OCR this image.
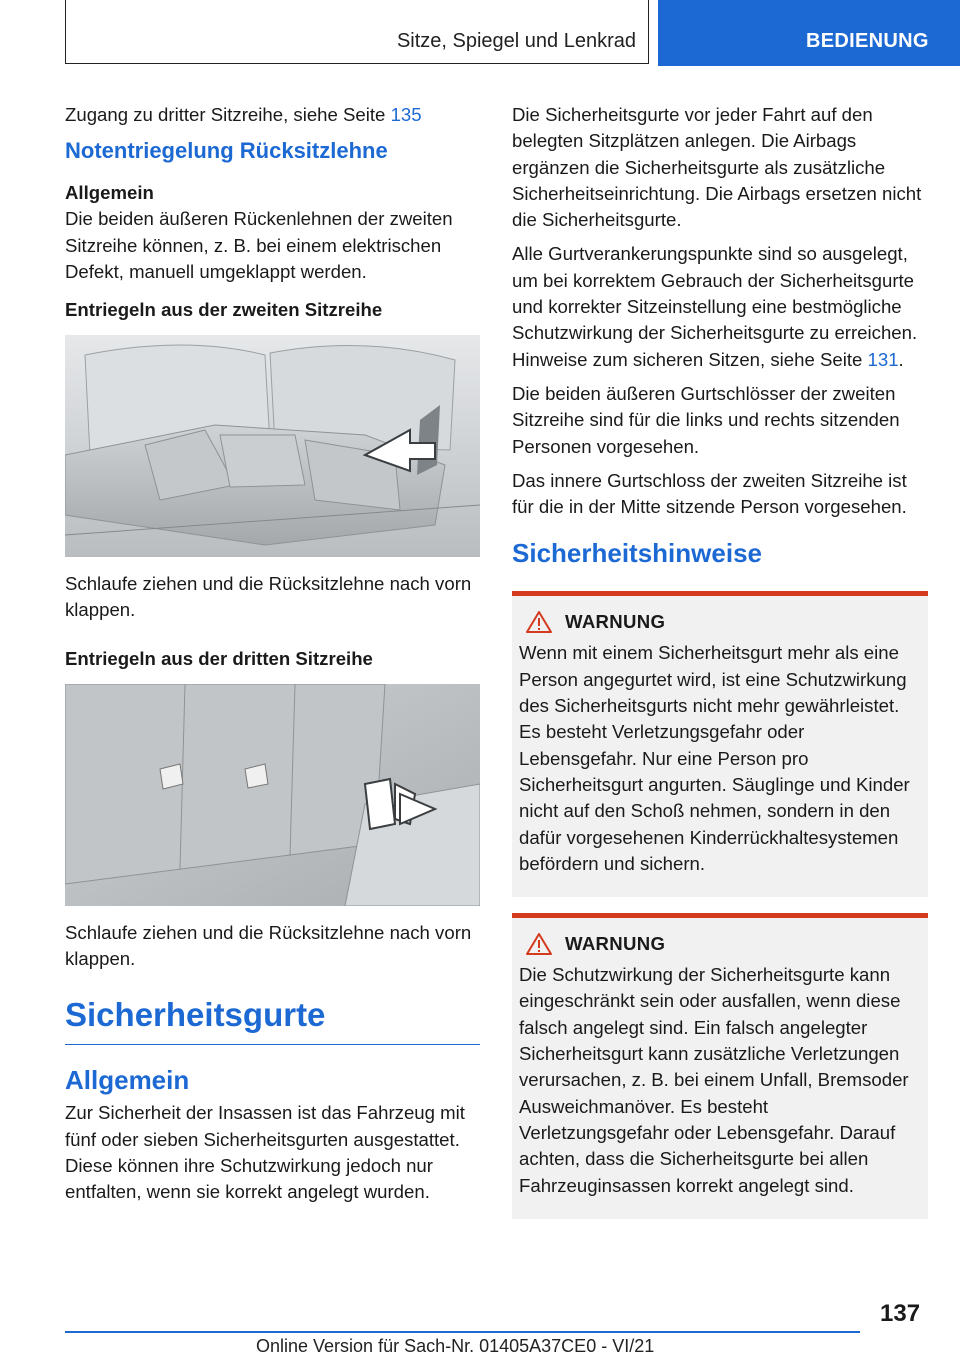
Sitze, Spiegel und Lenkrad	BEDIENUNG

Zugang zu dritter Sitzreihe, siehe Seite 135

Notentriegelung Rücksitzlehne
Allgemein

Die beiden äußeren Rückenlehnen der zweiten Sitzreihe können, z. B. bei einem elektrischen Defekt, manuell umgeklappt werden.

Entriegeln aus der zweiten Sitzreihe

Schlaufe ziehen und die Rücksitzlehne nach vorn klappen.

Entriegeln aus der dritten Sitzreihe

Schlaufe ziehen und die Rücksitzlehne nach vorn klappen.

Sicherheitsgurte
Allgemein

Zur Sicherheit der Insassen ist das Fahrzeug mit fünf oder sieben Sicherheitsgurten ausgestattet. Diese können ihre Schutzwirkung jedoch nur entfalten, wenn sie korrekt angelegt wurden.

Die Sicherheitsgurte vor jeder Fahrt auf den belegten Sitzplätzen anlegen. Die Airbags ergänzen die Sicherheitsgurte als zusätzliche Sicherheitseinrichtung. Die Airbags ersetzen nicht die Sicherheitsgurte.

Alle Gurtverankerungspunkte sind so ausgelegt, um bei korrektem Gebrauch der Sicherheitsgurte und korrekter Sitzeinstellung eine bestmögliche Schutzwirkung der Sicherheitsgurte zu erreichen. Hinweise zum sicheren Sitzen, siehe Seite 131.

Die beiden äußeren Gurtschlösser der zweiten Sitzreihe sind für die links und rechts sitzenden Personen vorgesehen.

Das innere Gurtschloss der zweiten Sitzreihe ist für die in der Mitte sitzende Person vorgesehen.

Sicherheitshinweise
WARNUNG

Wenn mit einem Sicherheitsgurt mehr als eine Person angegurtet wird, ist eine Schutzwirkung des Sicherheitsgurts nicht mehr gewährleistet. Es besteht Verletzungsgefahr oder Lebensgefahr. Nur eine Person pro Sicherheitsgurt angurten. Säuglinge und Kinder nicht auf den Schoß nehmen, sondern in den dafür vorgesehenen Kinderrückhaltesystemen befördern und sichern.

WARNUNG

Die Schutzwirkung der Sicherheitsgurte kann eingeschränkt sein oder ausfallen, wenn diese falsch angelegt sind. Ein falsch angelegter Sicherheitsgurt kann zusätzliche Verletzungen verursachen, z. B. bei einem Unfall, Bremsoder Ausweichmanöver. Es besteht Verletzungsgefahr oder Lebensgefahr. Darauf achten, dass die Sicherheitsgurte bei allen Fahrzeuginsassen korrekt angelegt sind.

137
Online Version für Sach-Nr. 01405A37CE0 - VI/21
